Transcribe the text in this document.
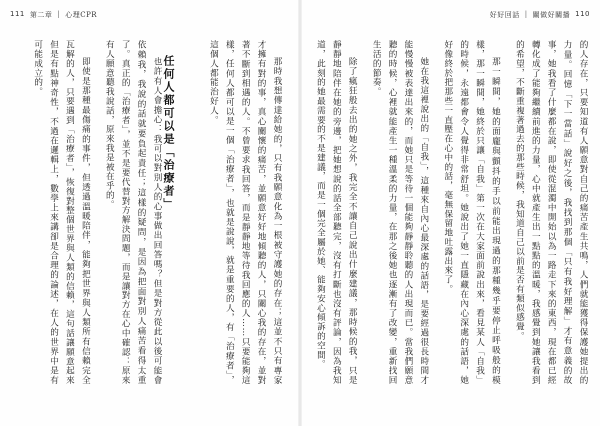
111 第二章 | 心理CPR

那時我想傳達給她的，只有我願意化為一根被守護她的存在；這並不只有專家才擁有對的事，真心關懷的痛苦，並願意好好地傾聽的人，只關心我的存在，並對著不斷到相遇的人。不曾要求我回答，而是靜靜地等待我回應的人……只要能夠這樣，任何人都可以是一個「治療者」，也就是說說，就是重要的人，有「治療者」，這個人都能治好人。

任何人都可以是「治療者」
好好回話 | 關做好關播 110

的人存在，只要知道有人願意對自己的痛苦產生共鳴，人們就能獲得保護她提出的力量。回憶「下一當話」說好之後，我找到那個「只有我好理解」才有意義的故事，她我看了什麼都在說，即使從混濁中開始以為一路走下來的東西，現在都已經轉化成了能夠繼續前進的力量，心中就產生出一點點的溫暖，我感覺到她讓我看到的希望，不斷重複著過去的那些時候，我知道自己以前是否有類似感覺。

那一瞬間，她的面龐與顫抖的手以前能出現過的那種幾乎要停止呼吸般的模樣，那一瞬間，她終於只讓「自我」第一次在大家面前說出來，看見某人「自我」的時候，永遠都會令人覺得非常舒坦。她說出了她一直隱藏在內心深處的話語，她好像終於把那些一直壓在心中的話，毫無保留地吐露出來了。

她在我這裡說出的「自我」，這種來自內心最深處的話語，是要經過很長時間才能慢慢被表達出來的，而她只是等待一個能夠靜靜聆聽的人出現而已。當我們願意聽的時候，心裡就能產生一種溫柔的力量，在那之後她也逐漸有了改變，重新找回生活的節奏。

除了瘋狂般去出的她之外，我完全不讓自己說出什麼建議，那時候的我，只是靜靜地陪伴在她的旁邊，把她想說的話全部聽完，沒有打斷也沒有評論，因為我知道，此刻的她最需要的不是建議，而是一個完全屬於她、能夠安心傾訴的空間。

也許有人會擔心：我可以對別人的心事做出回答嗎？但是對方從此以後可能會依賴我，我說的話就要負起責任；這樣的疑問，是因為把面對別人痛苦看得太重了。真正的「治療者」，並不是要代替對方解決問題，而是讓對方在心中確認：原來有人願意聽我說話，原來我是被在乎的。

即使是那種最傷痛的事件，但透過溫暖陪伴，能夠把世界與人類所有信賴完全瓦解的人，只要遇到「治療者」，恢復對整個世界與人類的信賴，這句話讓願意起來但是有點神奇性，不過在邏輯上，數學上來講卻是合理的論述，在人的世界中是有可能成立的。
